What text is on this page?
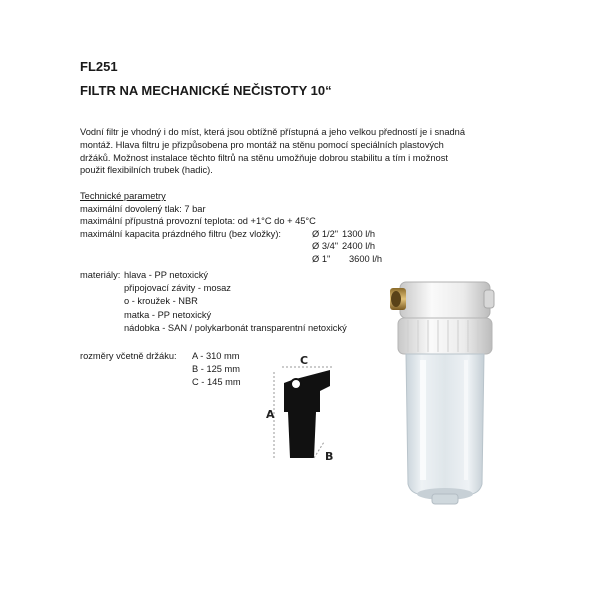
FL251
FILTR NA MECHANICKÉ NEČISTOTY 10“

Vodní filtr je vhodný i do míst, která jsou obtížně přístupná a jeho velkou předností je i snadná

montáž. Hlava filtru je přizpůsobena pro montáž na stěnu pomocí speciálních plastových

držáků. Možnost instalace těchto filtrů na stěnu umožňuje dobrou stabilitu a tím i možnost

použit flexibilních trubek (hadic).

Technické parametry
maximální dovolený tlak: 7 bar
maximální přípustná provozní teplota: od +1°C do + 45°C
maximální kapacita prázdného filtru (bez vložky):	Ø 1/2" 1300 l/h
Ø 3/4" 2400 l/h
Ø 1" 3600 l/h
materiály: hlava - PP netoxický
připojovací závity - mosaz
o - kroužek - NBR
matka - PP netoxický
nádobka - SAN / polykarbonát transparentní netoxický
rozměry včetně držáku: A - 310 mm
B - 125 mm
C - 145 mm
C
A
B
